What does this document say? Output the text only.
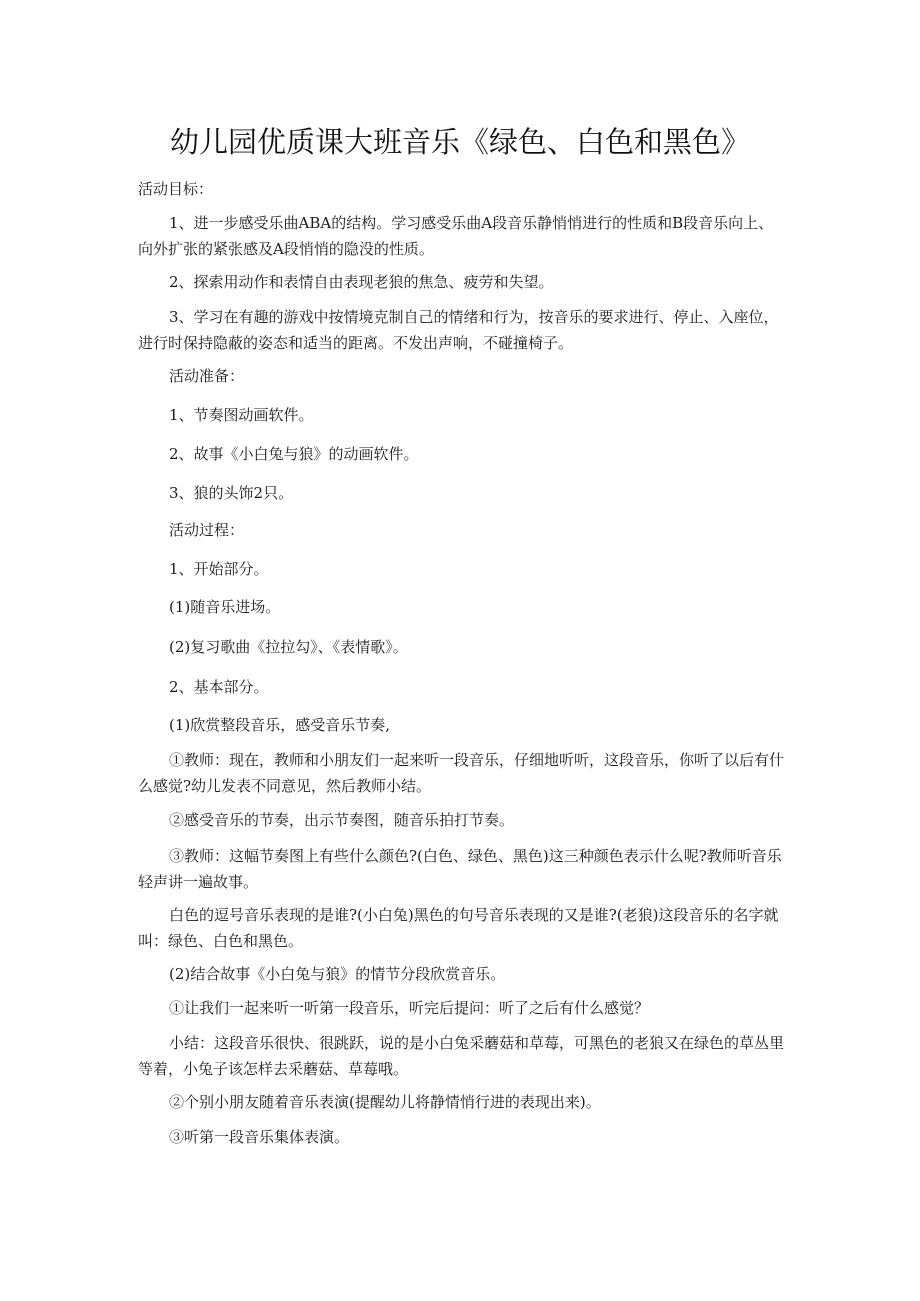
幼儿园优质课大班音乐《绿色、白色和黑色》

活动目标：

1、进一步感受乐曲ABA的结构。学习感受乐曲A段音乐静悄悄进行的性质和B段音乐向上、向外扩张的紧张感及A段悄悄的隐没的性质。

2、探索用动作和表情自由表现老狼的焦急、疲劳和失望。

3、学习在有趣的游戏中按情境克制自己的情绪和行为，按音乐的要求进行、停止、入座位，进行时保持隐蔽的姿态和适当的距离。不发出声响，不碰撞椅子。

活动准备：

1、节奏图动画软件。

2、故事《小白兔与狼》的动画软件。

3、狼的头饰2只。

活动过程：

1、开始部分。

(1)随音乐进场。

(2)复习歌曲《拉拉勾》、《表情歌》。

2、基本部分。

(1)欣赏整段音乐，感受音乐节奏,

①教师：现在，教师和小朋友们一起来听一段音乐，仔细地听听，这段音乐，你听了以后有什么感觉?幼儿发表不同意见，然后教师小结。

②感受音乐的节奏，出示节奏图，随音乐拍打节奏。

③教师：这幅节奏图上有些什么颜色?(白色、绿色、黑色)这三种颜色表示什么呢?教师听音乐轻声讲一遍故事。

白色的逗号音乐表现的是谁?(小白兔)黑色的句号音乐表现的又是谁?(老狼)这段音乐的名字就叫：绿色、白色和黑色。

(2)结合故事《小白兔与狼》的情节分段欣赏音乐。

①让我们一起来听一听第一段音乐，听完后提问：听了之后有什么感觉？

小结：这段音乐很快、很跳跃，说的是小白兔采蘑菇和草莓，可黑色的老狼又在绿色的草丛里等着，小兔子该怎样去采蘑菇、草莓哦。

②个别小朋友随着音乐表演(提醒幼儿将静情悄行进的表现出来)。

③听第一段音乐集体表演。
